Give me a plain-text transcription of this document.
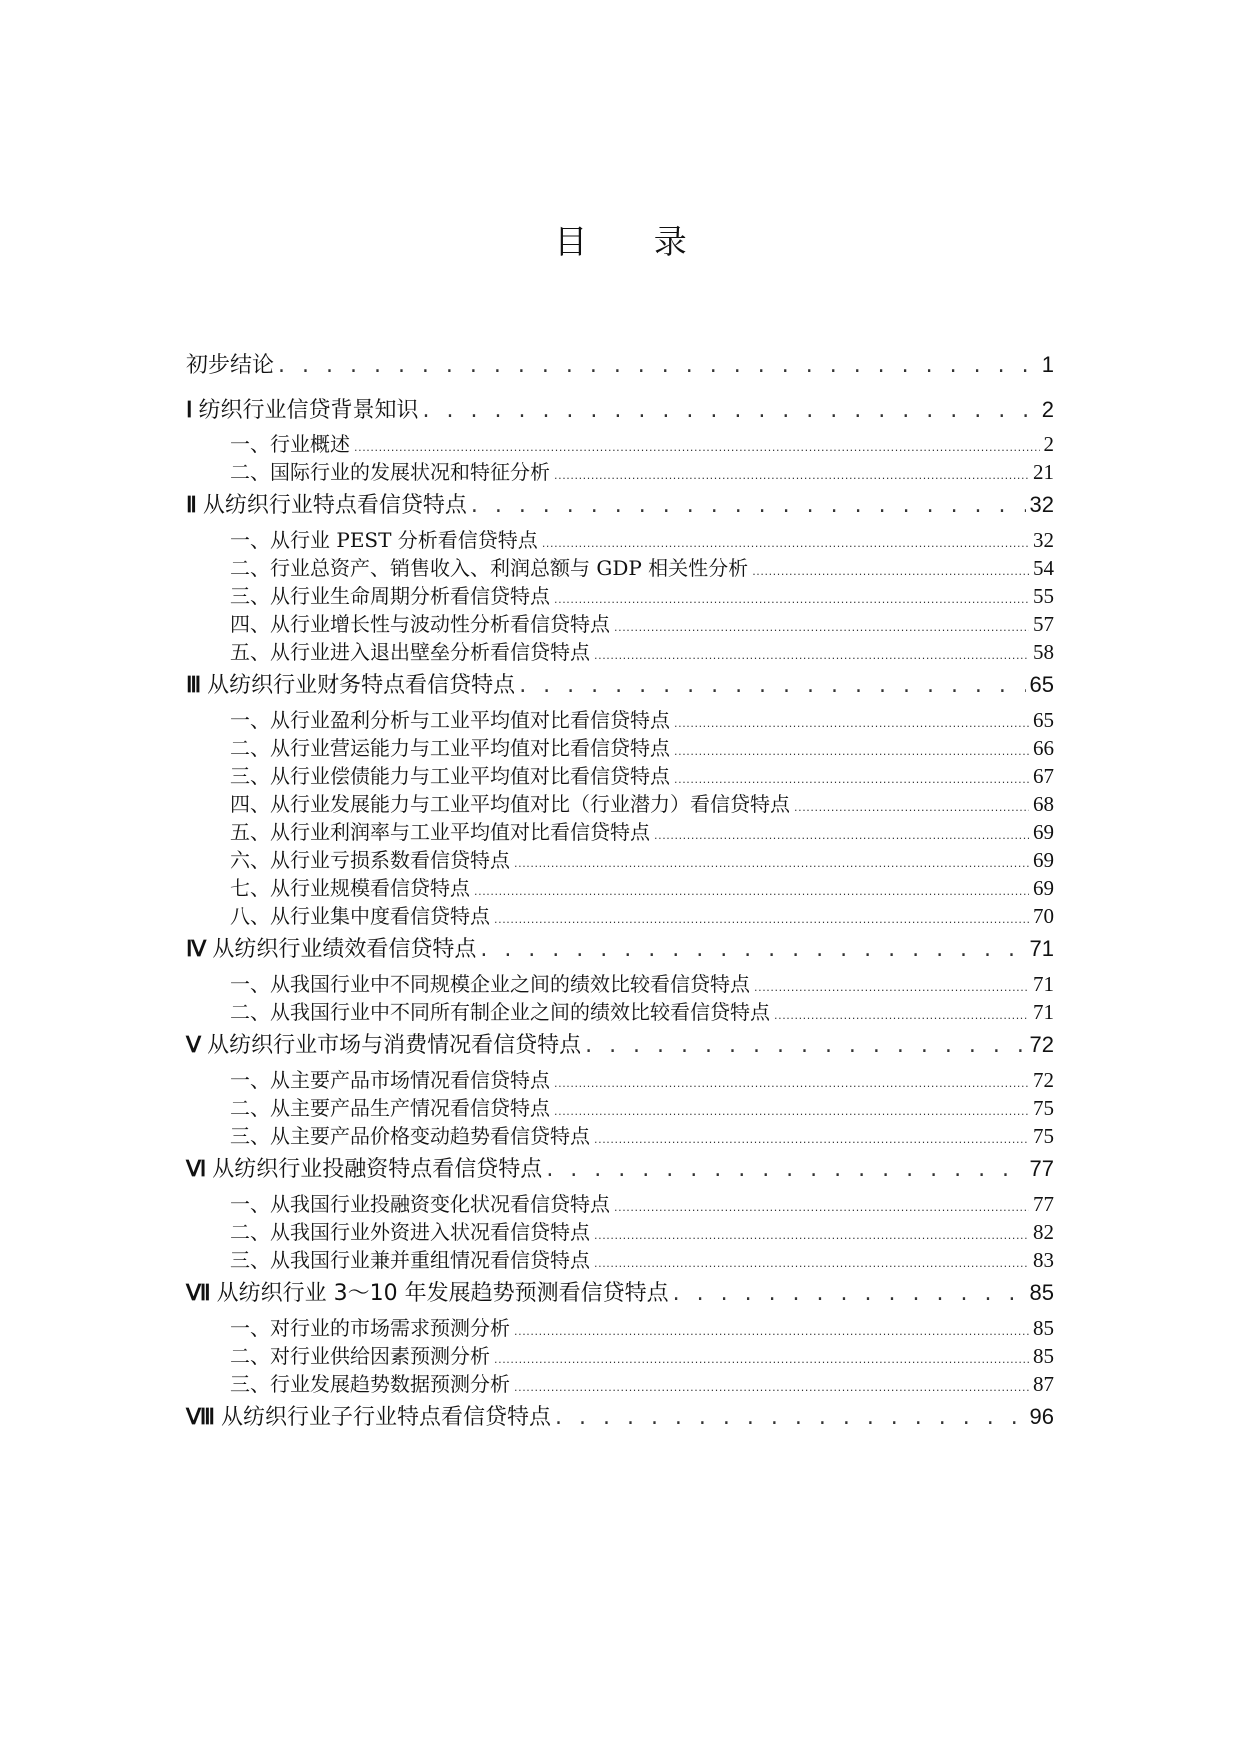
目 录
初步结论 . . .	1
Ⅰ 纺织行业信贷背景知识 . . .	2
一、行业概述 .....	2
二、国际行业的发展状况和特征分析 .....	21
Ⅱ 从纺织行业特点看信贷特点 . . .	32
一、从行业 PEST 分析看信贷特点 .....	32
二、行业总资产、销售收入、利润总额与 GDP 相关性分析 .....	54
三、从行业生命周期分析看信贷特点 .....	55
四、从行业增长性与波动性分析看信贷特点 .....	57
五、从行业进入退出壁垒分析看信贷特点 .....	58
Ⅲ 从纺织行业财务特点看信贷特点 . . .	65
一、从行业盈利分析与工业平均值对比看信贷特点 .....	65
二、从行业营运能力与工业平均值对比看信贷特点 .....	66
三、从行业偿债能力与工业平均值对比看信贷特点 .....	67
四、从行业发展能力与工业平均值对比（行业潜力）看信贷特点 .....	68
五、从行业利润率与工业平均值对比看信贷特点 .....	69
六、从行业亏损系数看信贷特点 .....	69
七、从行业规模看信贷特点 .....	69
八、从行业集中度看信贷特点 .....	70
Ⅳ 从纺织行业绩效看信贷特点 . . .	71
一、从我国行业中不同规模企业之间的绩效比较看信贷特点 .....	71
二、从我国行业中不同所有制企业之间的绩效比较看信贷特点 .....	71
Ⅴ 从纺织行业市场与消费情况看信贷特点 . . .	72
一、从主要产品市场情况看信贷特点 .....	72
二、从主要产品生产情况看信贷特点 .....	75
三、从主要产品价格变动趋势看信贷特点 .....	75
Ⅵ 从纺织行业投融资特点看信贷特点 . . .	77
一、从我国行业投融资变化状况看信贷特点 .....	77
二、从我国行业外资进入状况看信贷特点 .....	82
三、从我国行业兼并重组情况看信贷特点 .....	83
Ⅶ 从纺织行业 3～10 年发展趋势预测看信贷特点 . . .	85
一、对行业的市场需求预测分析 .....	85
二、对行业供给因素预测分析 .....	85
三、行业发展趋势数据预测分析 .....	87
Ⅷ 从纺织行业子行业特点看信贷特点 . . .	96
